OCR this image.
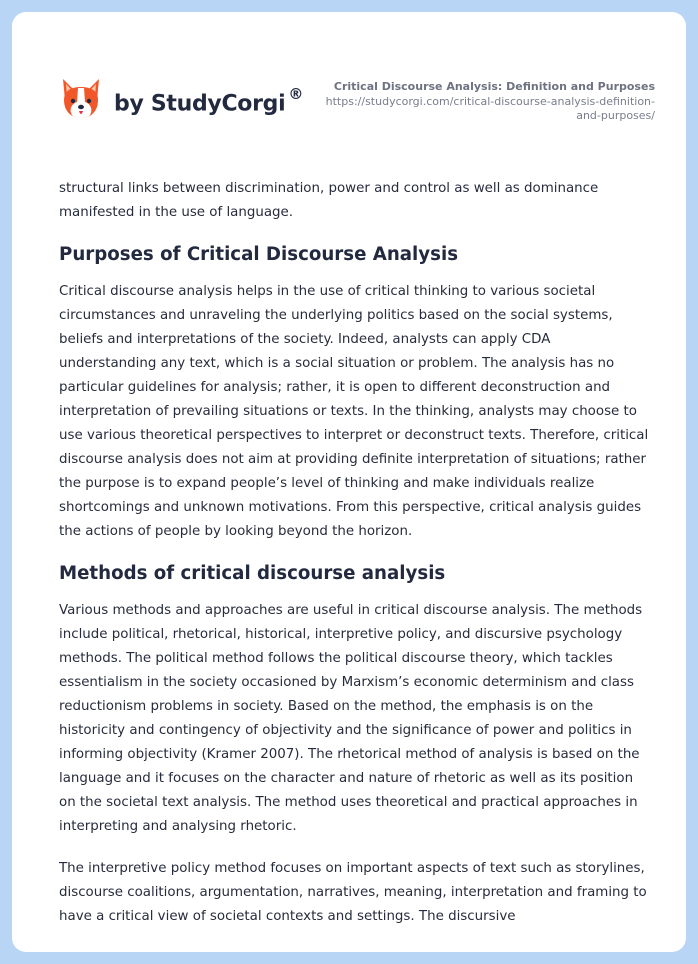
by StudyCorgi ®	Critical Discourse Analysis: Definition and Purposes
https://studycorgi.com/critical-discourse-analysis-definition-
and-purposes/

structural links between discrimination, power and control as well as dominance manifested in the use of language.

Purposes of Critical Discourse Analysis

Critical discourse analysis helps in the use of critical thinking to various societal circumstances and unraveling the underlying politics based on the social systems, beliefs and interpretations of the society. Indeed, analysts can apply CDA understanding any text, which is a social situation or problem. The analysis has no particular guidelines for analysis; rather, it is open to different deconstruction and interpretation of prevailing situations or texts. In the thinking, analysts may choose to use various theoretical perspectives to interpret or deconstruct texts. Therefore, critical discourse analysis does not aim at providing definite interpretation of situations; rather the purpose is to expand people’s level of thinking and make individuals realize shortcomings and unknown motivations. From this perspective, critical analysis guides the actions of people by looking beyond the horizon.

Methods of critical discourse analysis

Various methods and approaches are useful in critical discourse analysis. The methods include political, rhetorical, historical, interpretive policy, and discursive psychology methods. The political method follows the political discourse theory, which tackles essentialism in the society occasioned by Marxism’s economic determinism and class reductionism problems in society. Based on the method, the emphasis is on the historicity and contingency of objectivity and the significance of power and politics in informing objectivity (Kramer 2007). The rhetorical method of analysis is based on the language and it focuses on the character and nature of rhetoric as well as its position on the societal text analysis. The method uses theoretical and practical approaches in interpreting and analysing rhetoric.

The interpretive policy method focuses on important aspects of text such as storylines, discourse coalitions, argumentation, narratives, meaning, interpretation and framing to have a critical view of societal contexts and settings. The discursive
